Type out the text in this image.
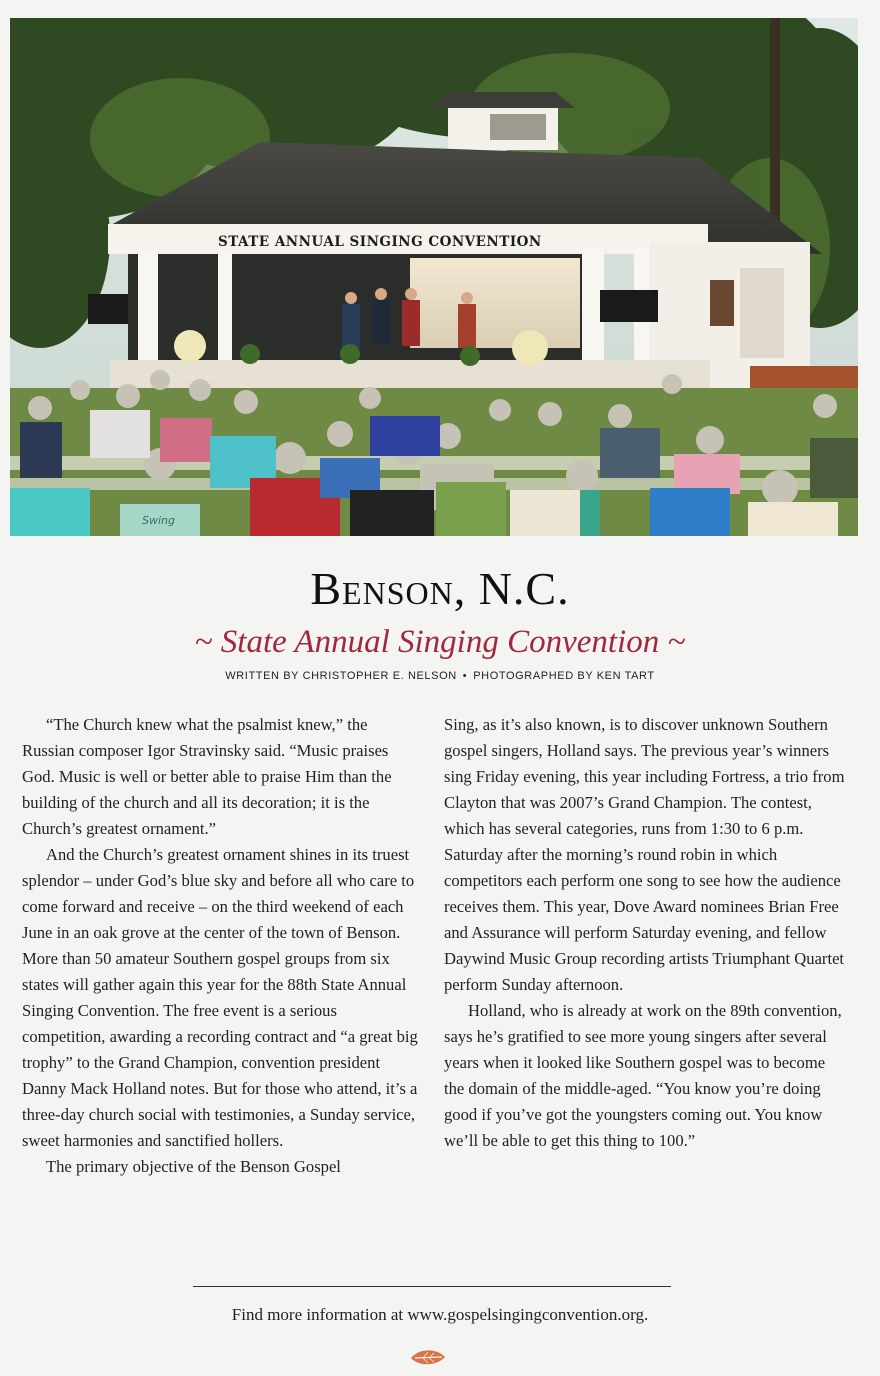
STATE ANNUAL SINGING CONVENTION
Swing
Benson, N.C.
~ State Annual Singing Convention ~
WRITTEN BY CHRISTOPHER E. NELSON • PHOTOGRAPHED BY KEN TART

“The Church knew what the psalmist knew,” the Russian composer Igor Stravinsky said. “Music praises God. Music is well or better able to praise Him than the building of the church and all its decoration; it is the Church’s greatest ornament.”

And the Church’s greatest ornament shines in its truest splendor – under God’s blue sky and before all who care to come forward and receive – on the third weekend of each June in an oak grove at the center of the town of Benson. More than 50 amateur Southern gospel groups from six states will gather again this year for the 88th State Annual Singing Convention. The free event is a serious competition, awarding a recording contract and “a great big trophy” to the Grand Champion, convention president Danny Mack Holland notes. But for those who attend, it’s a three-day church social with testimonies, a Sunday service, sweet harmonies and sanctified hollers.

The primary objective of the Benson Gospel

Sing, as it’s also known, is to discover unknown Southern gospel singers, Holland says. The previous year’s winners sing Friday evening, this year including Fortress, a trio from Clayton that was 2007’s Grand Champion. The contest, which has several categories, runs from 1:30 to 6 p.m. Saturday after the morning’s round robin in which competitors each perform one song to see how the audience receives them. This year, Dove Award nominees Brian Free and Assurance will perform Saturday evening, and fellow Daywind Music Group recording artists Triumphant Quartet perform Sunday afternoon.

Holland, who is already at work on the 89th convention, says he’s gratified to see more young singers after several years when it looked like Southern gospel was to become the domain of the middle-aged. “You know you’re doing good if you’ve got the youngsters coming out. You know we’ll be able to get this thing to 100.”

Find more information at www.gospelsingingconvention.org.
